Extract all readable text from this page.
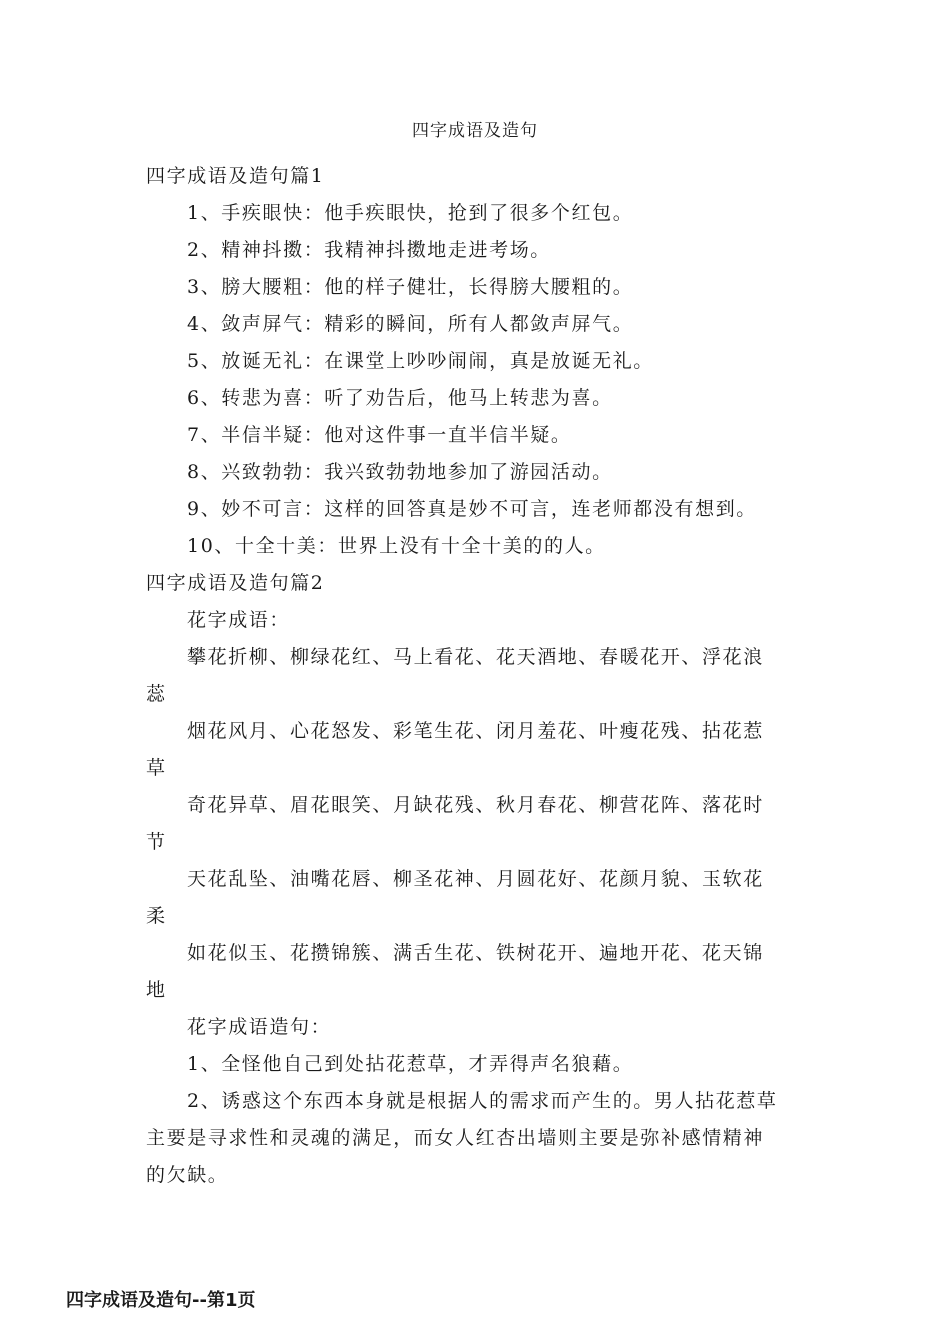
四字成语及造句
四字成语及造句篇1
1、手疾眼快：他手疾眼快，抢到了很多个红包。
2、精神抖擞：我精神抖擞地走进考场。
3、膀大腰粗：他的样子健壮，长得膀大腰粗的。
4、敛声屏气：精彩的瞬间，所有人都敛声屏气。
5、放诞无礼：在课堂上吵吵闹闹，真是放诞无礼。
6、转悲为喜：听了劝告后，他马上转悲为喜。
7、半信半疑：他对这件事一直半信半疑。
8、兴致勃勃：我兴致勃勃地参加了游园活动。
9、妙不可言：这样的回答真是妙不可言，连老师都没有想到。
10、十全十美：世界上没有十全十美的的人。
四字成语及造句篇2
花字成语：
攀花折柳、柳绿花红、马上看花、花天酒地、春暖花开、浮花浪
蕊
烟花风月、心花怒发、彩笔生花、闭月羞花、叶瘦花残、拈花惹
草
奇花异草、眉花眼笑、月缺花残、秋月春花、柳营花阵、落花时
节
天花乱坠、油嘴花唇、柳圣花神、月圆花好、花颜月貌、玉软花
柔
如花似玉、花攒锦簇、满舌生花、铁树花开、遍地开花、花天锦
地
花字成语造句：
1、全怪他自己到处拈花惹草，才弄得声名狼藉。
2、诱惑这个东西本身就是根据人的需求而产生的。男人拈花惹草
主要是寻求性和灵魂的满足，而女人红杏出墙则主要是弥补感情精神
的欠缺。
四字成语及造句--第1页
